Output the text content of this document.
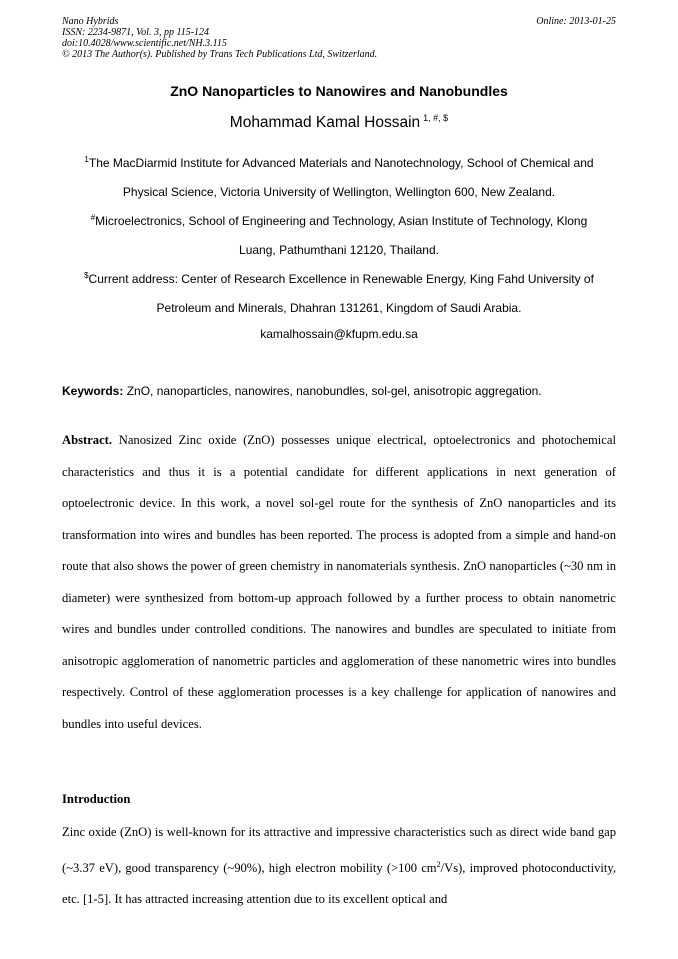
Nano Hybrids
ISSN: 2234-9871, Vol. 3, pp 115-124
doi:10.4028/www.scientific.net/NH.3.115
© 2013 The Author(s). Published by Trans Tech Publications Ltd, Switzerland.
Online: 2013-01-25
ZnO Nanoparticles to Nanowires and Nanobundles
Mohammad Kamal Hossain $^{1, \#, \$}$
$^1$The MacDiarmid Institute for Advanced Materials and Nanotechnology, School of Chemical and
Physical Science, Victoria University of Wellington, Wellington 600, New Zealand.
#Microelectronics, School of Engineering and Technology, Asian Institute of Technology, Klong
Luang, Pathumthani 12120, Thailand.
$Current address: Center of Research Excellence in Renewable Energy, King Fahd University of
Petroleum and Minerals, Dhahran 131261, Kingdom of Saudi Arabia.
kamalhossain@kfupm.edu.sa
Keywords: ZnO, nanoparticles, nanowires, nanobundles, sol-gel, anisotropic aggregation.
Abstract. Nanosized Zinc oxide (ZnO) possesses unique electrical, optoelectronics and photochemical characteristics and thus it is a potential candidate for different applications in next generation of optoelectronic device. In this work, a novel sol-gel route for the synthesis of ZnO nanoparticles and its transformation into wires and bundles has been reported. The process is adopted from a simple and hand-on route that also shows the power of green chemistry in nanomaterials synthesis. ZnO nanoparticles (~30 nm in diameter) were synthesized from bottom-up approach followed by a further process to obtain nanometric wires and bundles under controlled conditions. The nanowires and bundles are speculated to initiate from anisotropic agglomeration of nanometric particles and agglomeration of these nanometric wires into bundles respectively. Control of these agglomeration processes is a key challenge for application of nanowires and bundles into useful devices.
Introduction
Zinc oxide (ZnO) is well-known for its attractive and impressive characteristics such as direct wide band gap (~3.37 eV), good transparency (~90%), high electron mobility (>100 $cm^2/Vs$), improved photoconductivity, etc. [1-5]. It has attracted increasing attention due to its excellent optical and
